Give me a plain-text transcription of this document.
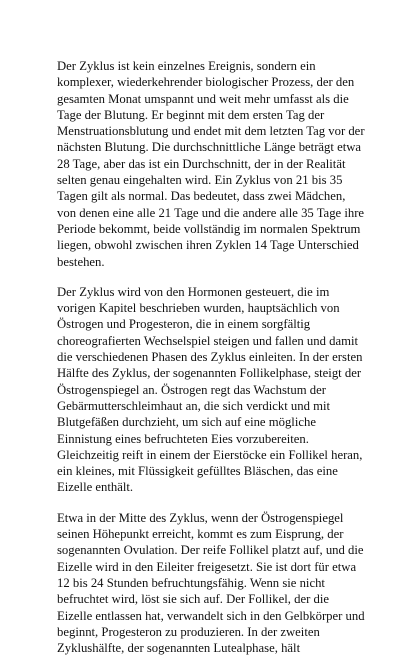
Der Zyklus ist kein einzelnes Ereignis, sondern ein komplexer, wiederkehrender biologischer Prozess, der den gesamten Monat umspannt und weit mehr umfasst als die Tage der Blutung. Er beginnt mit dem ersten Tag der Menstruationsblutung und endet mit dem letzten Tag vor der nächsten Blutung. Die durchschnittliche Länge beträgt etwa 28 Tage, aber das ist ein Durchschnitt, der in der Realität selten genau eingehalten wird. Ein Zyklus von 21 bis 35 Tagen gilt als normal. Das bedeutet, dass zwei Mädchen, von denen eine alle 21 Tage und die andere alle 35 Tage ihre Periode bekommt, beide vollständig im normalen Spektrum liegen, obwohl zwischen ihren Zyklen 14 Tage Unterschied bestehen.

Der Zyklus wird von den Hormonen gesteuert, die im vorigen Kapitel beschrieben wurden, hauptsächlich von Östrogen und Progesteron, die in einem sorgfältig choreografierten Wechselspiel steigen und fallen und damit die verschiedenen Phasen des Zyklus einleiten. In der ersten Hälfte des Zyklus, der sogenannten Follikelphase, steigt der Östrogenspiegel an. Östrogen regt das Wachstum der Gebärmutterschleimhaut an, die sich verdickt und mit Blutgefäßen durchzieht, um sich auf eine mögliche Einnistung eines befruchteten Eies vorzubereiten. Gleichzeitig reift in einem der Eierstöcke ein Follikel heran, ein kleines, mit Flüssigkeit gefülltes Bläschen, das eine Eizelle enthält.

Etwa in der Mitte des Zyklus, wenn der Östrogenspiegel seinen Höhepunkt erreicht, kommt es zum Eisprung, der sogenannten Ovulation. Der reife Follikel platzt auf, und die Eizelle wird in den Eileiter freigesetzt. Sie ist dort für etwa 12 bis 24 Stunden befruchtungsfähig. Wenn sie nicht befruchtet wird, löst sie sich auf. Der Follikel, der die Eizelle entlassen hat, verwandelt sich in den Gelbkörper und beginnt, Progesteron zu produzieren. In der zweiten Zyklushälfte, der sogenannten Lutealphase, hält
